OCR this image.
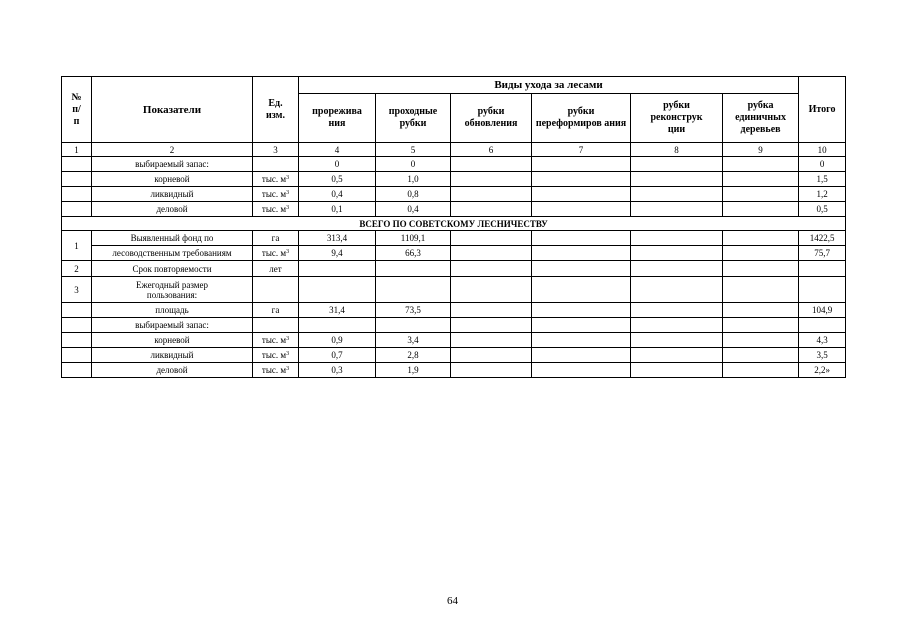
№ п/п	Показатели	Ед. изм.	Виды ухода за лесами						Итого

			прорежива ния	проходные рубки	рубки обновления	рубки переформиров ания	рубки реконструк ции	рубка единичных деревьев	

1	2	3	4	5	6	7	8	9	10
	выбираемый запас:		0	0					0
	корневой	тыс. $м^3$	0,5	1,0					1,5
	ликвидный	тыс. $м^3$	0,4	0,8					1,2
	деловой	тыс. $м^3$	0,1	0,4					0,5
ВСЕГО ПО СОВЕТСКОМУ ЛЕСНИЧЕСТВУ									
1	Выявленный фонд по	га	313,4	1109,1					1422,5
	лесоводственным требованиям	тыс. $м^3$	9,4	66,3					75,7
2	Срок повторяемости	лет							
3	Ежегодный размер
пользования:								

	площадь	га	31,4	73,5					104,9
	выбираемый запас:								
	корневой	тыс. $м^3$	0,9	3,4					4,3
	ликвидный	тыс. $м^3$	0,7	2,8					3,5
	деловой	тыс. $м^3$	0,3	1,9					2,2»
64
